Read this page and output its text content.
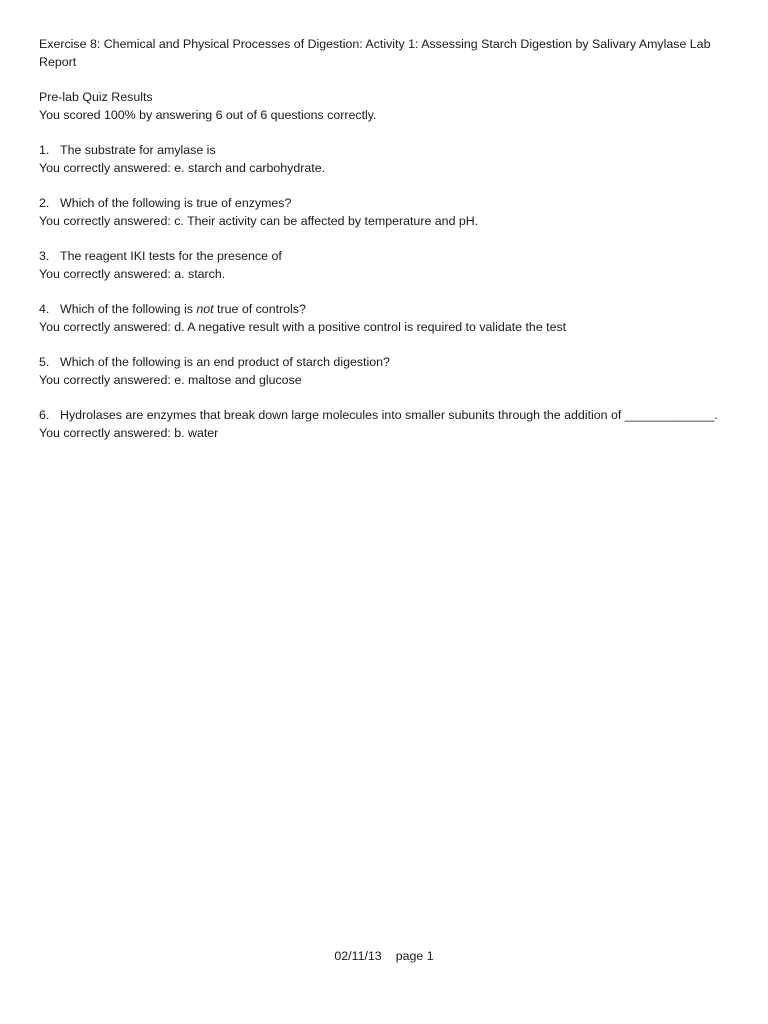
Exercise 8: Chemical and Physical Processes of Digestion: Activity 1: Assessing Starch Digestion by Salivary Amylase Lab Report
Pre-lab Quiz Results
You scored 100% by answering 6 out of 6 questions correctly.
1. The substrate for amylase is
You correctly answered: e. starch and carbohydrate.
2. Which of the following is true of enzymes?
You correctly answered: c. Their activity can be affected by temperature and pH.
3. The reagent IKI tests for the presence of
You correctly answered: a. starch.
4. Which of the following is not true of controls?
You correctly answered: d. A negative result with a positive control is required to validate the test
5. Which of the following is an end product of starch digestion?
You correctly answered: e. maltose and glucose
6. Hydrolases are enzymes that break down large molecules into smaller subunits through the addition of _____________.
You correctly answered: b. water
02/11/13 page 1
